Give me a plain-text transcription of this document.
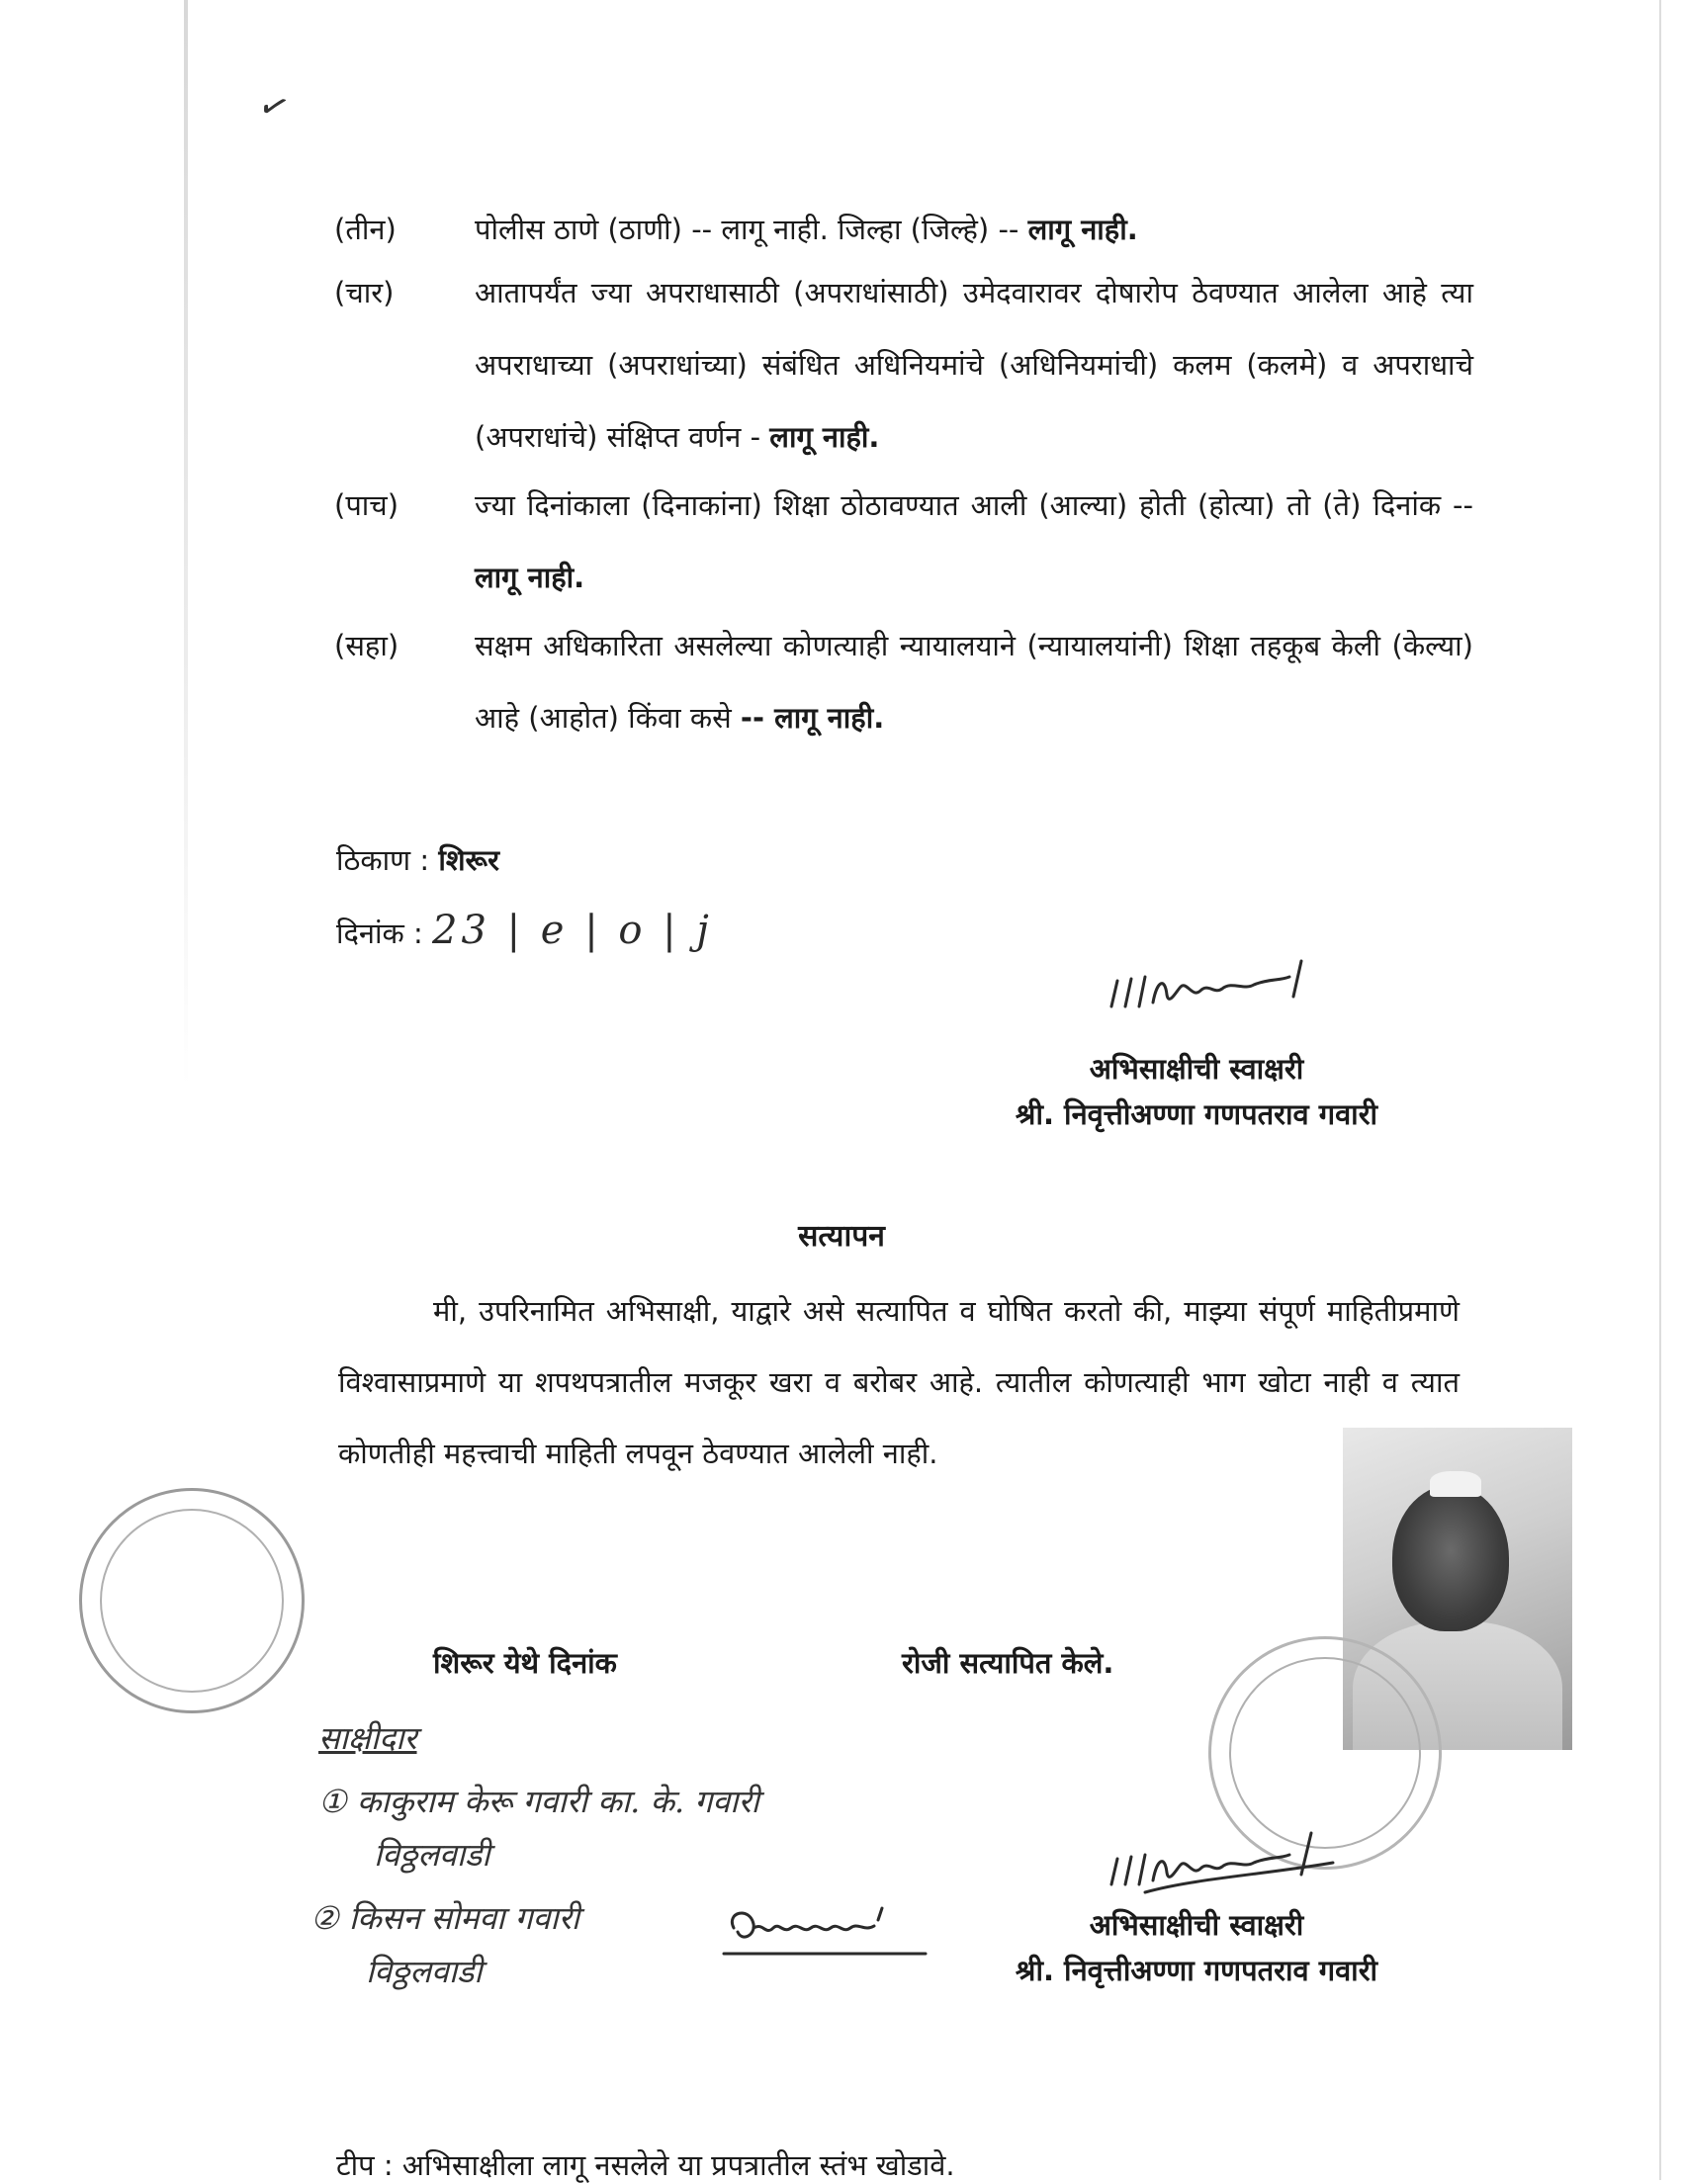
✓
(तीन)	पोलीस ठाणे (ठाणी) -- लागू नाही. जिल्हा (जिल्हे) -- लागू नाही.
(चार)	आतापर्यंत ज्या अपराधासाठी (अपराधांसाठी) उमेदवारावर दोषारोप ठेवण्यात आलेला आहे त्या अपराधाच्या (अपराधांच्या) संबंधित अधिनियमांचे (अधिनियमांची) कलम (कलमे) व अपराधाचे (अपराधांचे) संक्षिप्त वर्णन - लागू नाही.
(पाच)	ज्या दिनांकाला (दिनाकांना) शिक्षा ठोठावण्यात आली (आल्या) होती (होत्या) तो (ते) दिनांक -- लागू नाही.
(सहा)	सक्षम अधिकारिता असलेल्या कोणत्याही न्यायालयाने (न्यायालयांनी) शिक्षा तहकूब केली (केल्या) आहे (आहोत) किंवा कसे -- लागू नाही.
ठिकाण : शिरूर
दिनांक : 23 | e | o | j
अभिसाक्षीची स्वाक्षरी
श्री. निवृत्तीअण्णा गणपतराव गवारी
सत्यापन
मी, उपरिनामित अभिसाक्षी, याद्वारे असे सत्यापित व घोषित करतो की, माझ्या संपूर्ण माहितीप्रमाणे विश्वासाप्रमाणे या शपथपत्रातील मजकूर खरा व बरोबर आहे. त्यातील कोणत्याही भाग खोटा नाही व त्यात कोणतीही महत्त्वाची माहिती लपवून ठेवण्यात आलेली नाही.
शिरूर येथे दिनांक	रोजी सत्यापित केले.
साक्षीदार
① काकुराम केरू गवारी का. के. गवारी
विठ्ठलवाडी
② किसन सोमवा गवारी
विठ्ठलवाडी
अभिसाक्षीची स्वाक्षरी
श्री. निवृत्तीअण्णा गणपतराव गवारी
टीप : अभिसाक्षीला लागू नसलेले या प्रपत्रातील स्तंभ खोडावे.
